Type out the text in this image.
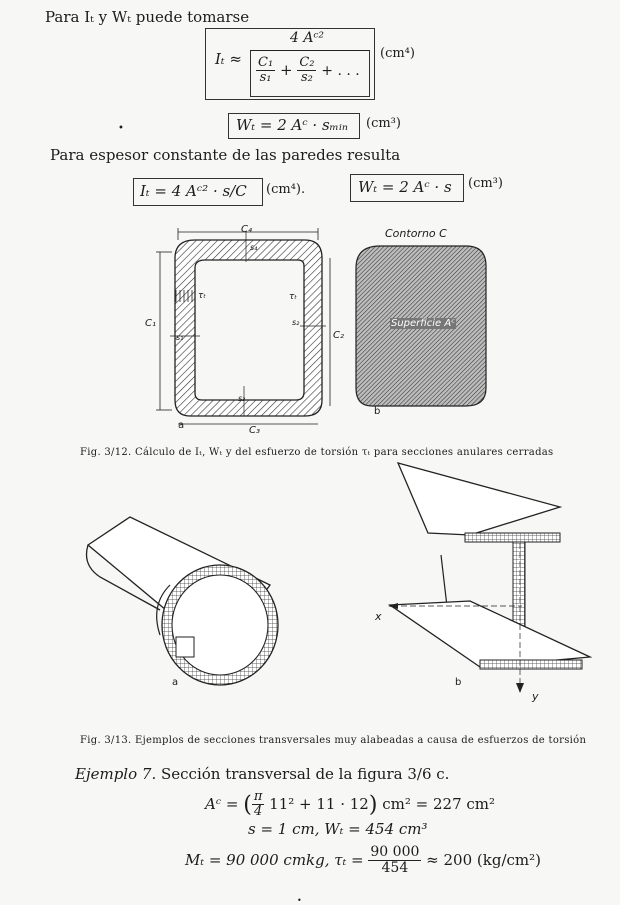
Para Iₜ y Wₜ puede tomarse
Iₜ ≈
4 Aᶜ²
$\frac{\text{C₁}}{\text{s₁}} + \frac{\text{C₂}}{\text{s₂}}$ + . . .
(cm⁴)
Wₜ = 2 Aᶜ · sₘᵢₙ (cm³)
•
Para espesor constante de las paredes resulta
Iₜ = 4 Aᶜ² · s/C (cm⁴).	Wₜ = 2 Aᶜ · s (cm³)
C₄
C₃
C₁
C₂
s₄
s₁
s₂
s₃
τₜ	τₜ
a
b
Contorno C
Superficie Aᶜ
Fig. 3/12. Cálculo de Iₜ, Wₜ y del esfuerzo de torsión τₜ para secciones anulares cerradas
a	b
x
y
Fig. 3/13. Ejemplos de secciones transversales muy alabeadas a causa de esfuerzos de torsión
Ejemplo 7. Sección transversal de la figura 3/6 c.
Aᶜ = ( $\frac{\pi}{4} 11^2 + 11 \cdot 12$) cm² = 227 cm²
s = 1 cm, Wₜ = 454 cm³
Mₜ = 90 000 cmkg, $\tau_t = \frac{90 000}{454} \approx 200$ (kg/cm²)
•
